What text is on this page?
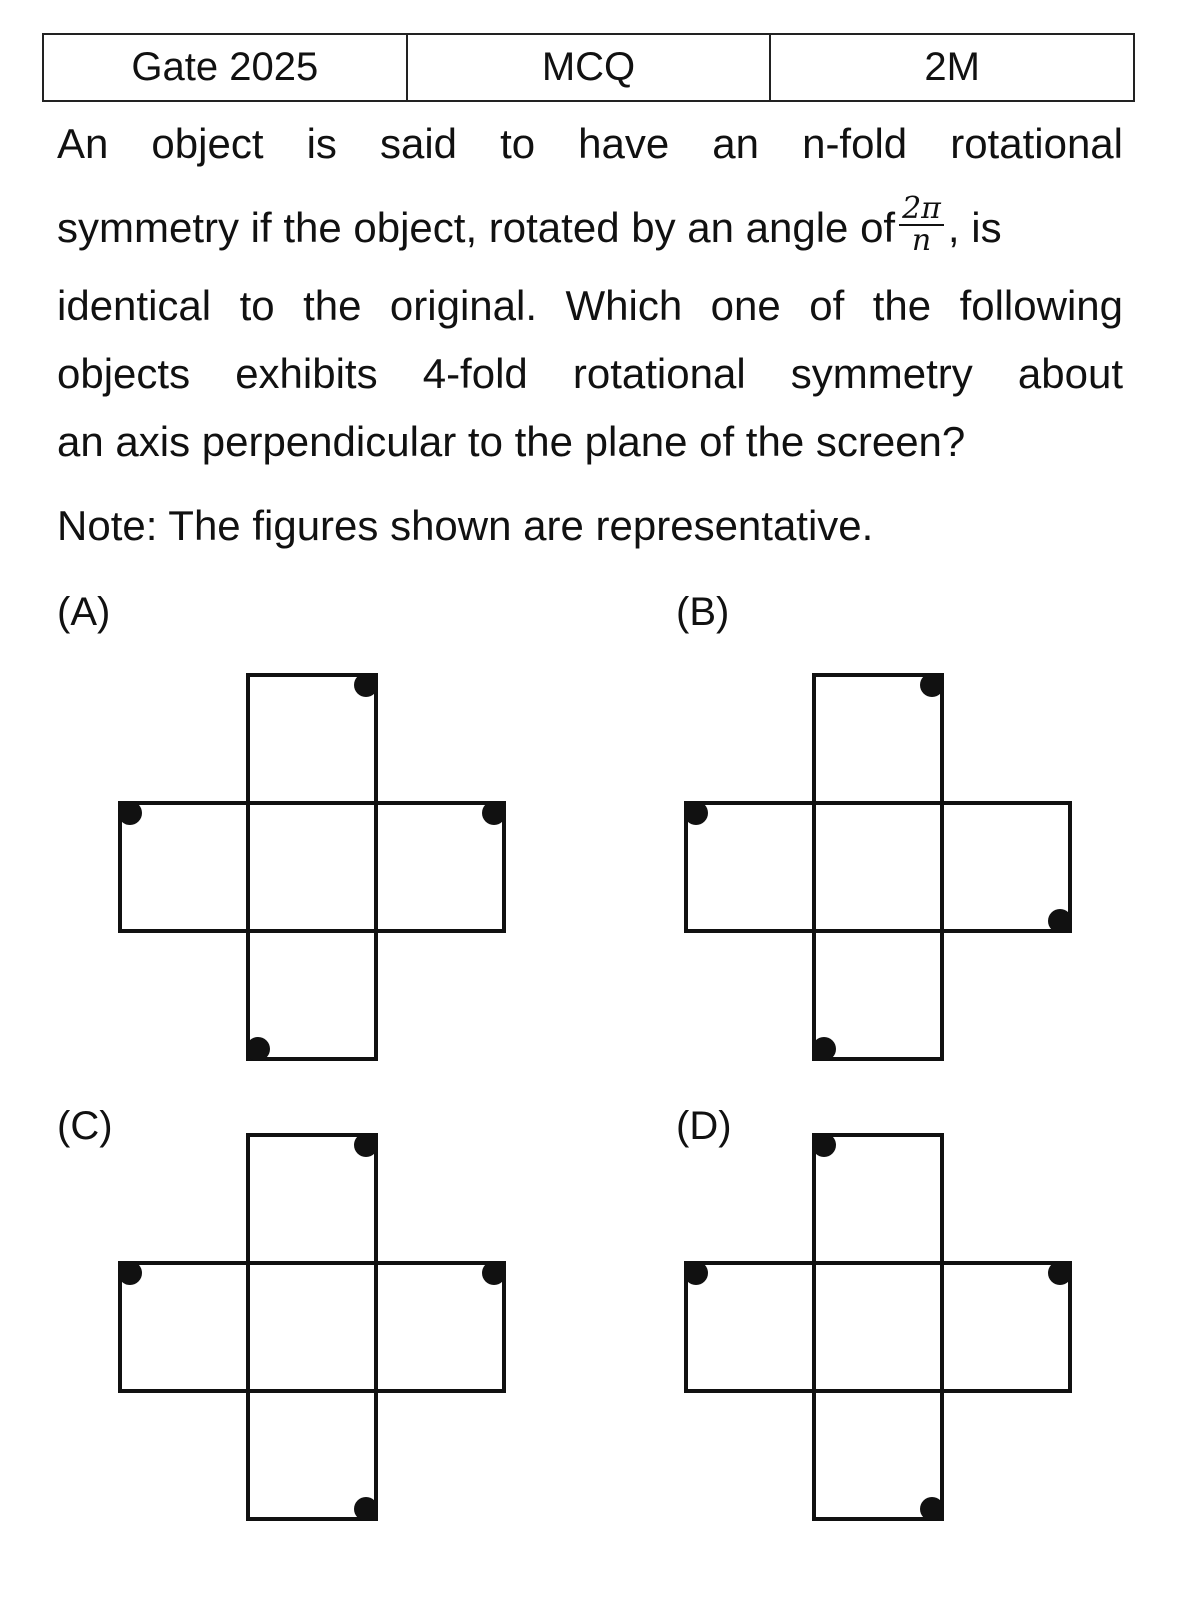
Gate 2025	MCQ	2M
An object is said to have an n-fold rotational
symmetry if the object, rotated by an angle of $\frac{2\pi}{n}$ , is
identical to the original. Which one of the following
objects exhibits 4-fold rotational symmetry about
an axis perpendicular to the plane of the screen?
Note: The figures shown are representative.
(A)	(B)
(C)	(D)
